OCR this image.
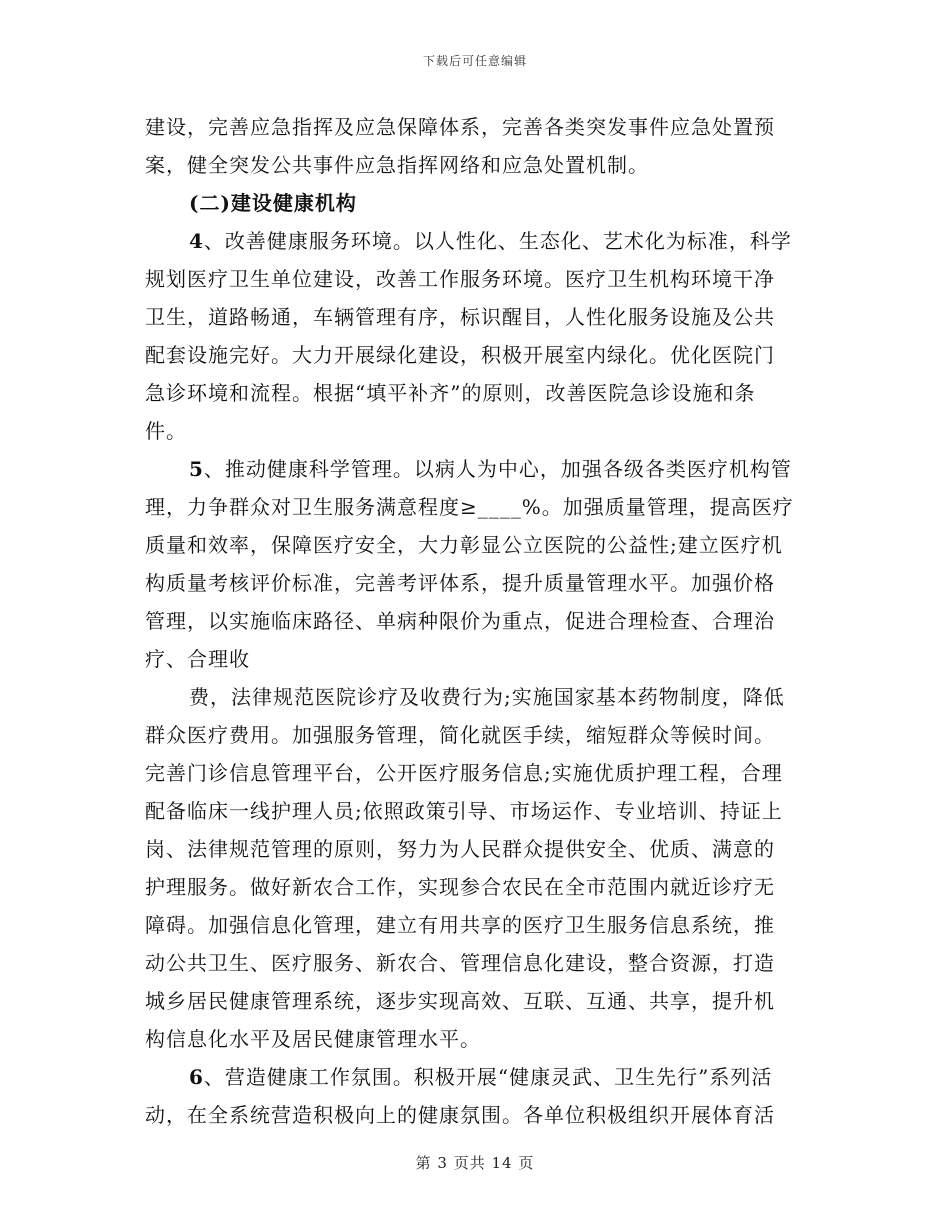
下载后可任意编辑
建设，完善应急指挥及应急保障体系，完善各类突发事件应急处置预
案，健全突发公共事件应急指挥网络和应急处置机制。
(二)建设健康机构
4、改善健康服务环境。以人性化、生态化、艺术化为标准，科学
规划医疗卫生单位建设，改善工作服务环境。医疗卫生机构环境干净
卫生，道路畅通，车辆管理有序，标识醒目，人性化服务设施及公共
配套设施完好。大力开展绿化建设，积极开展室内绿化。优化医院门
急诊环境和流程。根据“填平补齐”的原则，改善医院急诊设施和条
件。
5、推动健康科学管理。以病人为中心，加强各级各类医疗机构管
理，力争群众对卫生服务满意程度≥____%。加强质量管理，提高医疗
质量和效率，保障医疗安全，大力彰显公立医院的公益性;建立医疗机
构质量考核评价标准，完善考评体系，提升质量管理水平。加强价格
管理，以实施临床路径、单病种限价为重点，促进合理检查、合理治
疗、合理收
费，法律规范医院诊疗及收费行为;实施国家基本药物制度，降低
群众医疗费用。加强服务管理，简化就医手续，缩短群众等候时间。
完善门诊信息管理平台，公开医疗服务信息;实施优质护理工程，合理
配备临床一线护理人员;依照政策引导、市场运作、专业培训、持证上
岗、法律规范管理的原则，努力为人民群众提供安全、优质、满意的
护理服务。做好新农合工作，实现参合农民在全市范围内就近诊疗无
障碍。加强信息化管理，建立有用共享的医疗卫生服务信息系统，推
动公共卫生、医疗服务、新农合、管理信息化建设，整合资源，打造
城乡居民健康管理系统，逐步实现高效、互联、互通、共享，提升机
构信息化水平及居民健康管理水平。
6、营造健康工作氛围。积极开展“健康灵武、卫生先行”系列活
动，在全系统营造积极向上的健康氛围。各单位积极组织开展体育活
第 3 页共 14 页
